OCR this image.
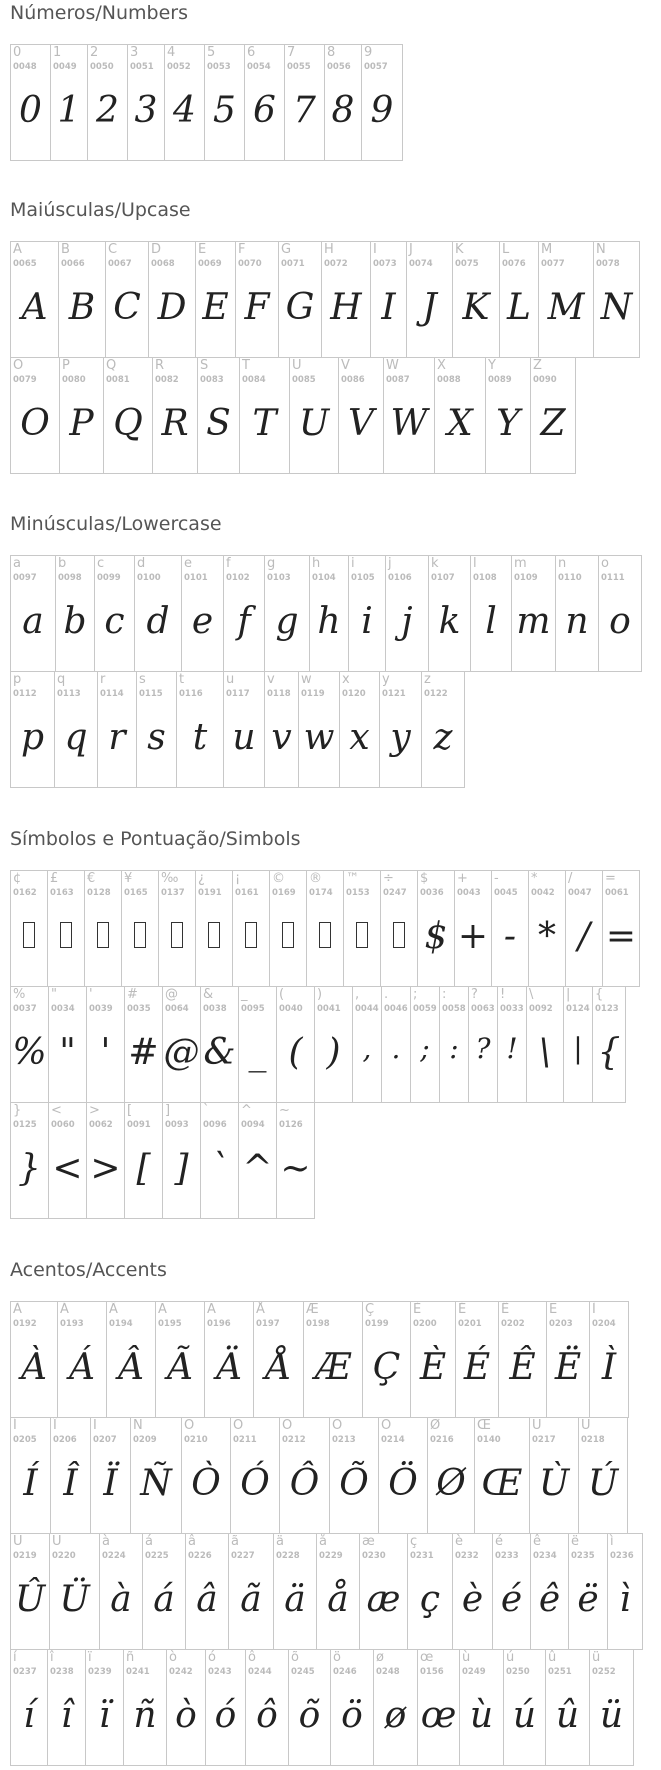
Números/Numbers
0
0048
0
1
0049
1
2
0050
2
3
0051
3
4
0052
4
5
0053
5
6
0054
6
7
0055
7
8
0056
8
9
0057
9
Maiúsculas/Upcase
A
0065
A
B
0066
B
C
0067
C
D
0068
D
E
0069
E
F
0070
F
G
0071
G
H
0072
H
I
0073
I
J
0074
J
K
0075
K
L
0076
L
M
0077
M
N
0078
N
O
0079
O
P
0080
P
Q
0081
Q
R
0082
R
S
0083
S
T
0084
T
U
0085
U
V
0086
V
W
0087
W
X
0088
X
Y
0089
Y
Z
0090
Z
Minúsculas/Lowercase
a
0097
a
b
0098
b
c
0099
c
d
0100
d
e
0101
e
f
0102
f
g
0103
g
h
0104
h
i
0105
i
j
0106
j
k
0107
k
l
0108
l
m
0109
m
n
0110
n
o
0111
o
p
0112
p
q
0113
q
r
0114
r
s
0115
s
t
0116
t
u
0117
u
v
0118
v
w
0119
w
x
0120
x
y
0121
y
z
0122
z
Símbolos e Pontuação/Simbols
¢
0162
£
0163
€
0128
¥
0165
‰
0137
¿
0191
¡
0161
©
0169
®
0174
™
0153
÷
0247
$
0036
$
+
0043
+
-
0045
-
*
0042
*
/
0047
/
=
0061
=
%
0037
%
"
0034
"
'
0039
'
#
0035
#
@
0064
@
&
0038
&
_
0095
_
(
0040
(
)
0041
)
,
0044
,
.
0046
.
;
0059
;
:
0058
:
?
0063
?
!
0033
!
\
0092
\
|
0124
|
{
0123
{
}
0125
}
<
0060
<
>
0062
>
[
0091
[
]
0093
]
`
0096
`
^
0094
^
~
0126
~
Acentos/Accents
À
0192
À
Á
0193
Á
Â
0194
Â
Ã
0195
Ã
Ä
0196
Ä
Å
0197
Å
Æ
0198
Æ
Ç
0199
Ç
È
0200
È
É
0201
É
Ê
0202
Ê
Ë
0203
Ë
Ì
0204
Ì
Í
0205
Í
Î
0206
Î
Ï
0207
Ï
Ñ
0209
Ñ
Ò
0210
Ò
Ó
0211
Ó
Ô
0212
Ô
Õ
0213
Õ
Ö
0214
Ö
Ø
0216
Ø
Œ
0140
Œ
Ù
0217
Ù
Ú
0218
Ú
Û
0219
Û
Ü
0220
Ü
à
0224
à
á
0225
á
â
0226
â
ã
0227
ã
ä
0228
ä
å
0229
å
æ
0230
æ
ç
0231
ç
è
0232
è
é
0233
é
ê
0234
ê
ë
0235
ë
ì
0236
ì
í
0237
í
î
0238
î
ï
0239
ï
ñ
0241
ñ
ò
0242
ò
ó
0243
ó
ô
0244
ô
õ
0245
õ
ö
0246
ö
ø
0248
ø
œ
0156
œ
ù
0249
ù
ú
0250
ú
û
0251
û
ü
0252
ü
